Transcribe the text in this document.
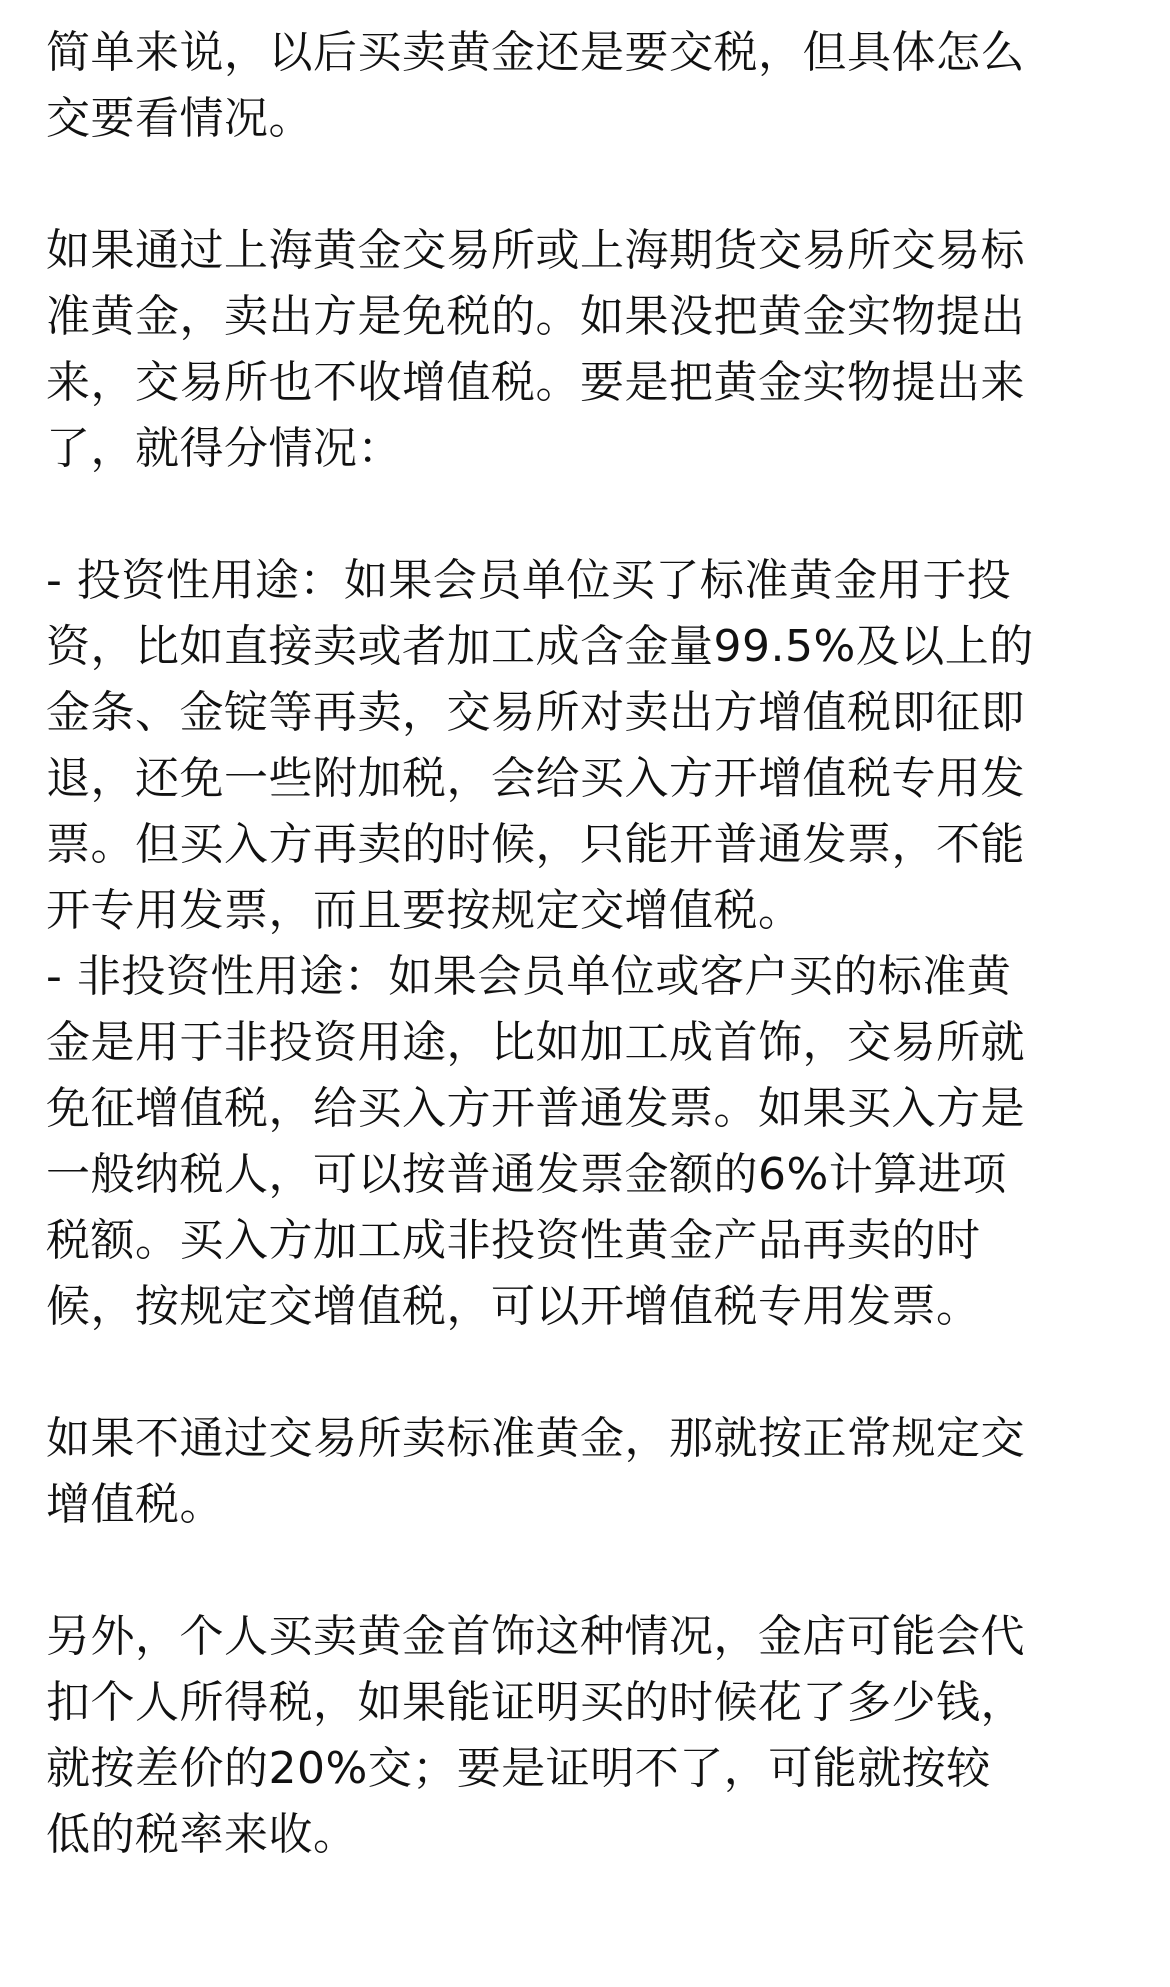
简单来说，以后买卖黄金还是要交税，但具体怎么
交要看情况。
如果通过上海黄金交易所或上海期货交易所交易标
准黄金，卖出方是免税的。如果没把黄金实物提出
来，交易所也不收增值税。要是把黄金实物提出来
了，就得分情况：
- 投资性用途：如果会员单位买了标准黄金用于投
资，比如直接卖或者加工成含金量99.5%及以上的
金条、金锭等再卖，交易所对卖出方增值税即征即
退，还免一些附加税，会给买入方开增值税专用发
票。但买入方再卖的时候，只能开普通发票，不能
开专用发票，而且要按规定交增值税。
- 非投资性用途：如果会员单位或客户买的标准黄
金是用于非投资用途，比如加工成首饰，交易所就
免征增值税，给买入方开普通发票。如果买入方是
一般纳税人，可以按普通发票金额的6%计算进项
税额。买入方加工成非投资性黄金产品再卖的时
候，按规定交增值税，可以开增值税专用发票。
如果不通过交易所卖标准黄金，那就按正常规定交
增值税。
另外，个人买卖黄金首饰这种情况，金店可能会代
扣个人所得税，如果能证明买的时候花了多少钱，
就按差价的20%交；要是证明不了，可能就按较
低的税率来收。
